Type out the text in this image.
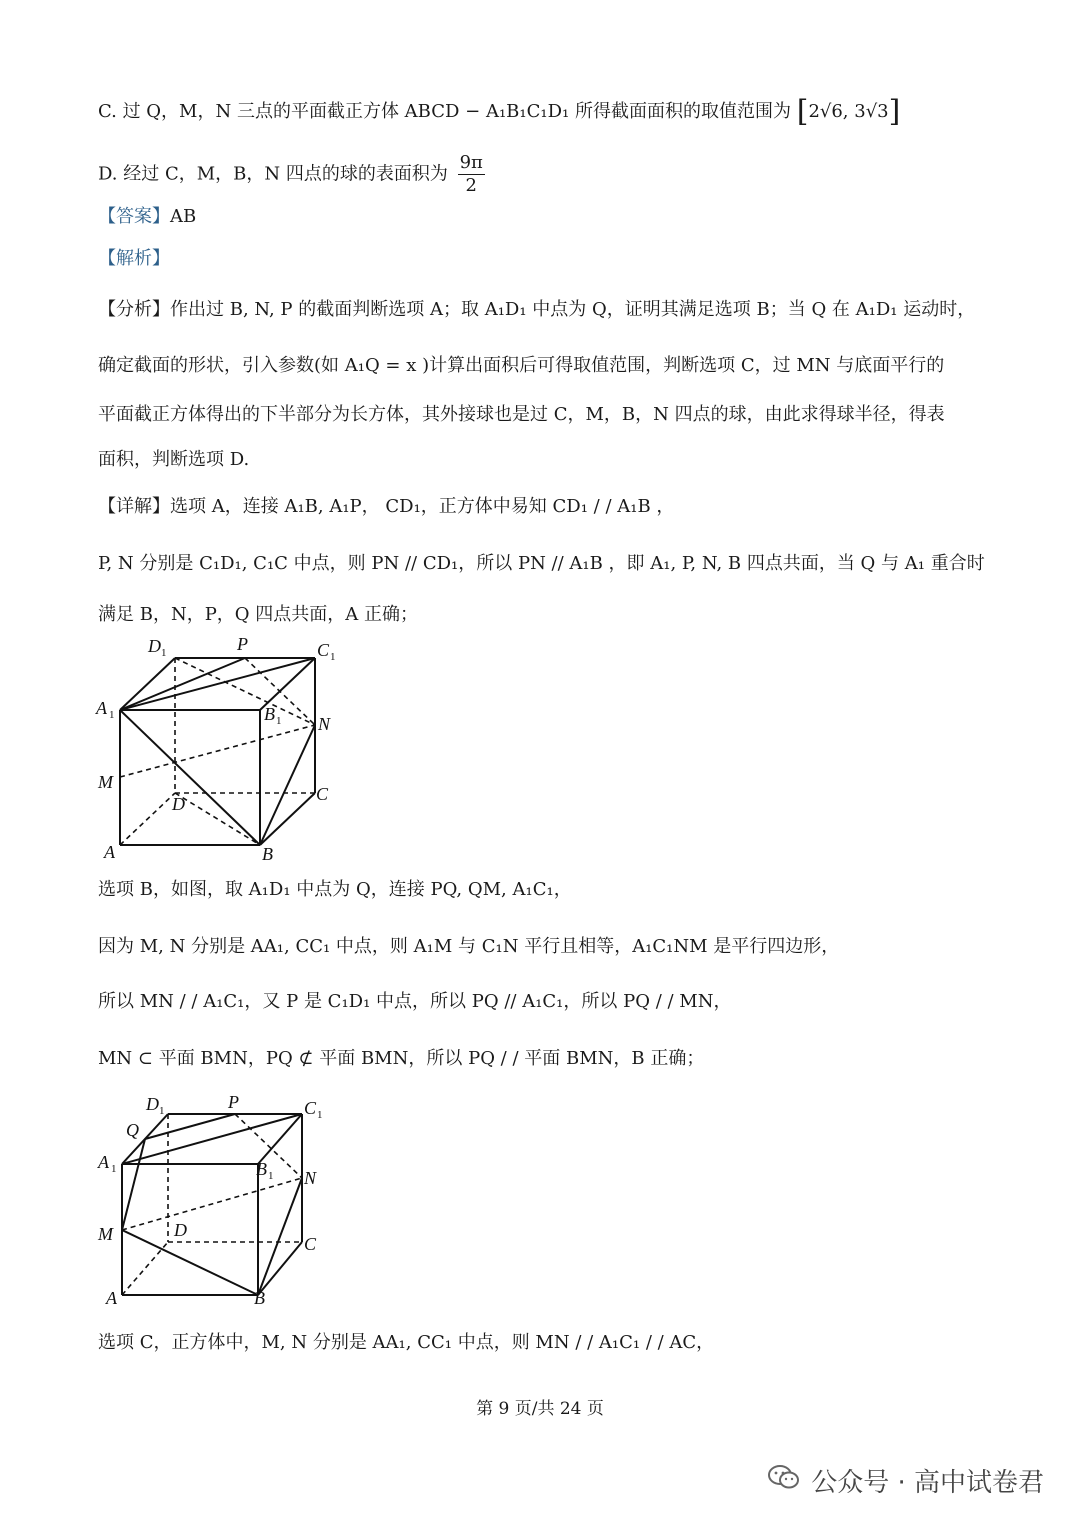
C. 过 Q，M，N 三点的平面截正方体 ABCD − A₁B₁C₁D₁ 所得截面面积的取值范围为 [2√6, 3√3]
D. 经过 C，M，B，N 四点的球的表面积为 $\frac{9\pi}{2}$
【答案】AB
【解析】
【分析】作出过 B, N, P 的截面判断选项 A；取 A₁D₁ 中点为 Q，证明其满足选项 B；当 Q 在 A₁D₁ 运动时，
确定截面的形状，引入参数(如 A₁Q = x )计算出面积后可得取值范围，判断选项 C，过 MN 与底面平行的
平面截正方体得出的下半部分为长方体，其外接球也是过 C，M，B，N 四点的球，由此求得球半径，得表
面积，判断选项 D.
【详解】选项 A，连接 A₁B, A₁P， CD₁，正方体中易知 CD₁ / / A₁B ，
P, N 分别是 C₁D₁, C₁C 中点，则 PN // CD₁，所以 PN // A₁B ，即 A₁, P, N, B 四点共面，当 Q 与 A₁ 重合时
满足 B，N，P，Q 四点共面，A 正确；
D 1	P	C 1
A 1	B 1 N
M
D	C
A	B
选项 B，如图，取 A₁D₁ 中点为 Q，连接 PQ, QM, A₁C₁，
因为 M, N 分别是 AA₁, CC₁ 中点，则 A₁M 与 C₁N 平行且相等，A₁C₁NM 是平行四边形，
所以 MN / / A₁C₁，又 P 是 C₁D₁ 中点，所以 PQ // A₁C₁，所以 PQ / / MN，
MN ⊂ 平面 BMN，PQ ⊄ 平面 BMN，所以 PQ / / 平面 BMN，B 正确；
D 1	P	C 1
Q
A 1	B 1 N
M	D
C
A	B
选项 C，正方体中，M, N 分别是 AA₁, CC₁ 中点，则 MN / / A₁C₁ / / AC，
第 9 页/共 24 页
公众号 · 高中试卷君
